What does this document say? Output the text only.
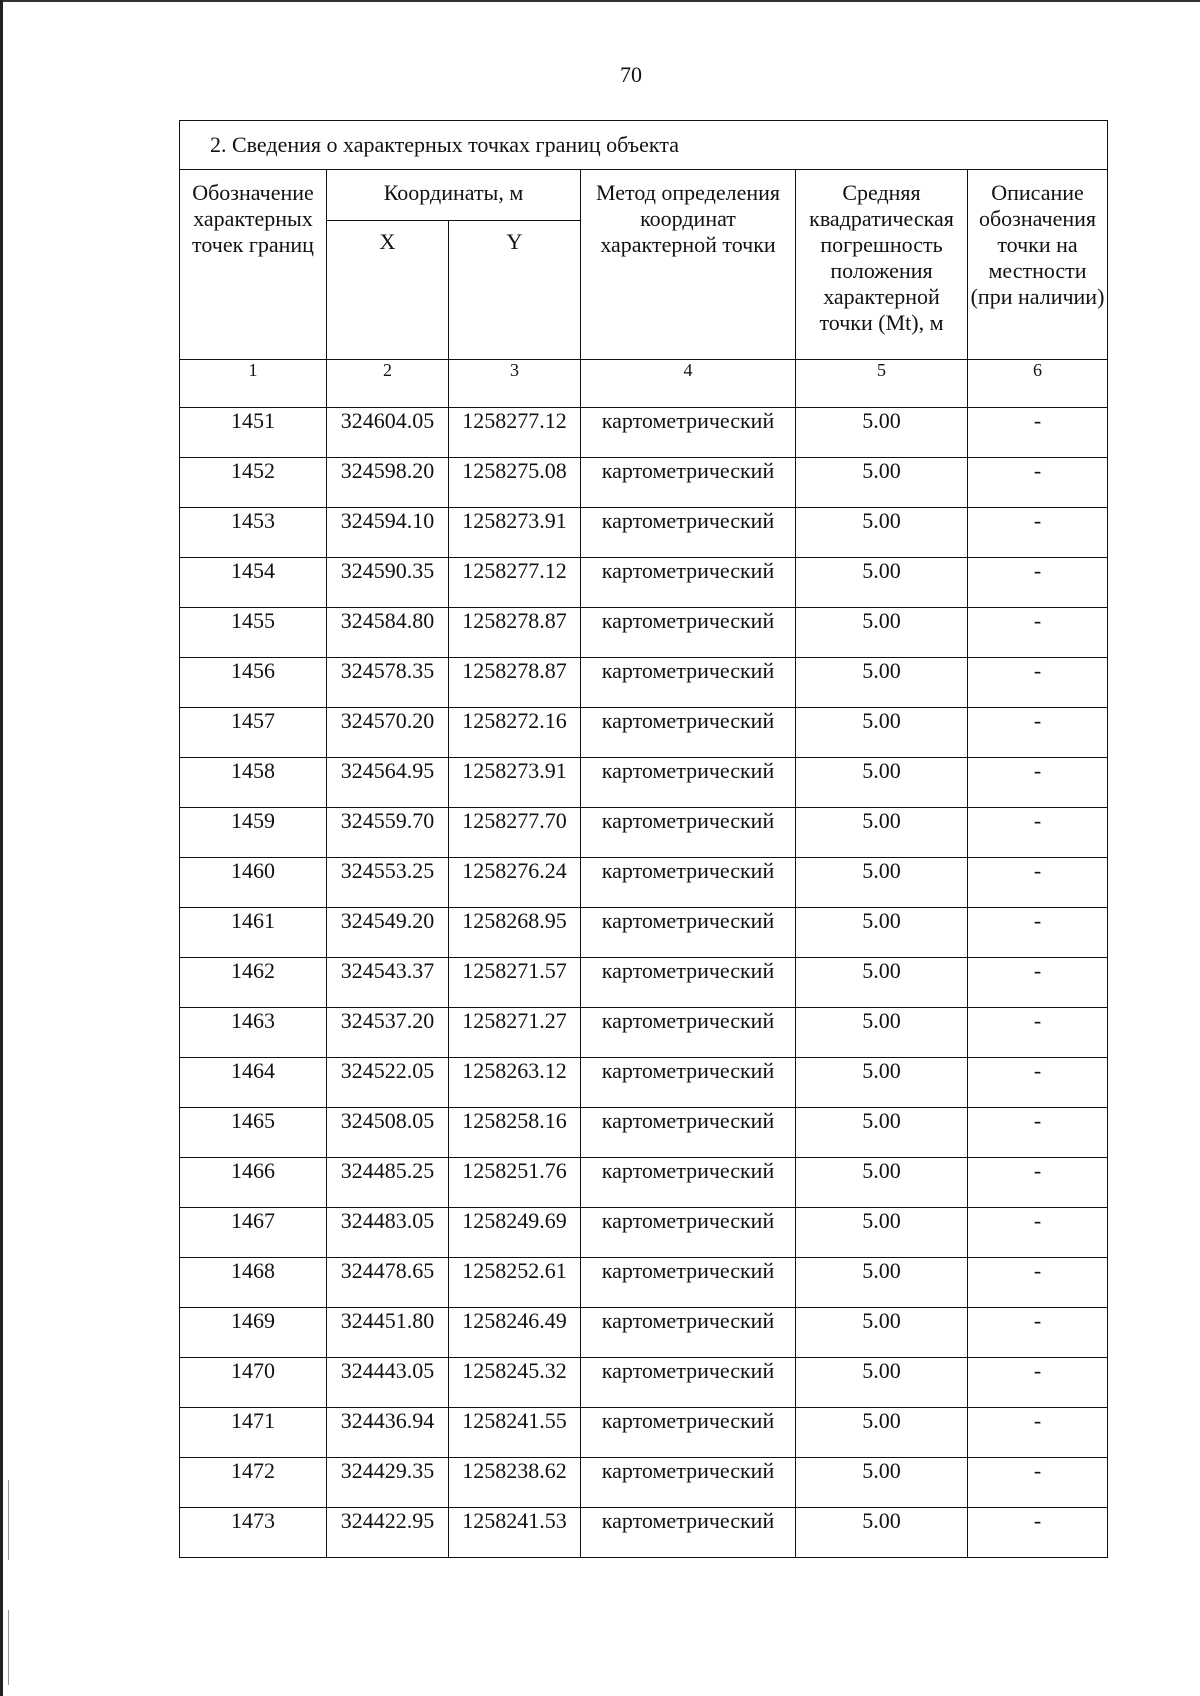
70
2. Сведения о характерных точках границ объекта					
Обозначение характерных точек границ	Координаты, м		Метод определения координат характерной точки	Средняя квадратическая погрешность положения характерной точки (Mt), м	Описание обозначения точки на местности (при наличии)
	X	Y			
1	2	3	4	5	6
1451	324604.05	1258277.12	картометрический	5.00	-
1452	324598.20	1258275.08	картометрический	5.00	-
1453	324594.10	1258273.91	картометрический	5.00	-
1454	324590.35	1258277.12	картометрический	5.00	-
1455	324584.80	1258278.87	картометрический	5.00	-
1456	324578.35	1258278.87	картометрический	5.00	-
1457	324570.20	1258272.16	картометрический	5.00	-
1458	324564.95	1258273.91	картометрический	5.00	-
1459	324559.70	1258277.70	картометрический	5.00	-
1460	324553.25	1258276.24	картометрический	5.00	-
1461	324549.20	1258268.95	картометрический	5.00	-
1462	324543.37	1258271.57	картометрический	5.00	-
1463	324537.20	1258271.27	картометрический	5.00	-
1464	324522.05	1258263.12	картометрический	5.00	-
1465	324508.05	1258258.16	картометрический	5.00	-
1466	324485.25	1258251.76	картометрический	5.00	-
1467	324483.05	1258249.69	картометрический	5.00	-
1468	324478.65	1258252.61	картометрический	5.00	-
1469	324451.80	1258246.49	картометрический	5.00	-
1470	324443.05	1258245.32	картометрический	5.00	-
1471	324436.94	1258241.55	картометрический	5.00	-
1472	324429.35	1258238.62	картометрический	5.00	-
1473	324422.95	1258241.53	картометрический	5.00	-
